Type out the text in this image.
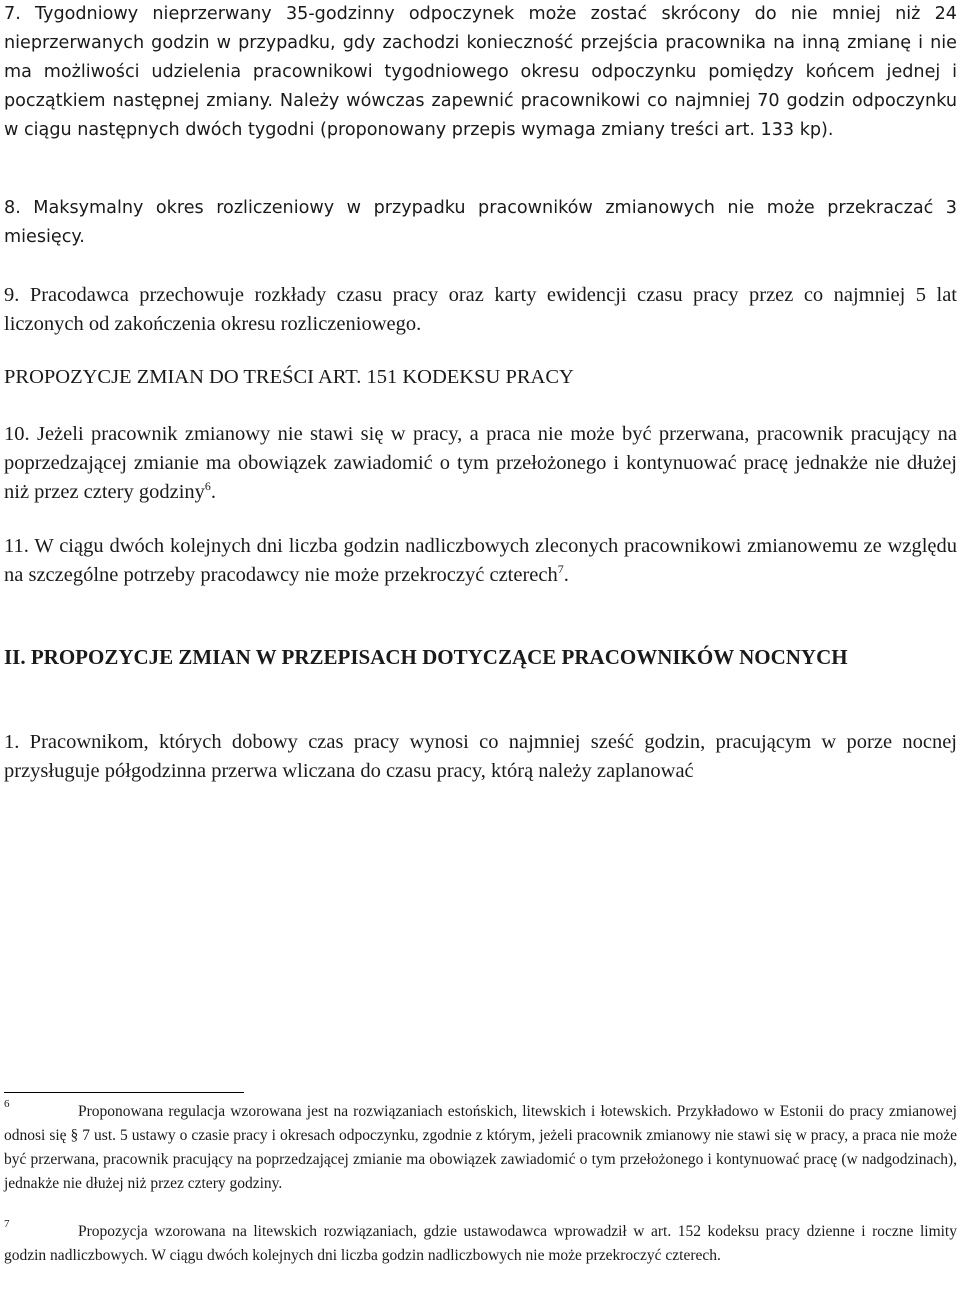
7. Tygodniowy nieprzerwany 35-godzinny odpoczynek może zostać skrócony do nie mniej niż 24 nieprzerwanych godzin w przypadku, gdy zachodzi konieczność przejścia pracownika na inną zmianę i nie ma możliwości udzielenia pracownikowi tygodniowego okresu odpoczynku pomiędzy końcem jednej i początkiem następnej zmiany. Należy wówczas zapewnić pracownikowi co najmniej 70 godzin odpoczynku w ciągu następnych dwóch tygodni (proponowany przepis wymaga zmiany treści art. 133 kp).

8. Maksymalny okres rozliczeniowy w przypadku pracowników zmianowych nie może przekraczać 3 miesięcy.

9. Pracodawca przechowuje rozkłady czasu pracy oraz karty ewidencji czasu pracy przez co najmniej 5 lat liczonych od zakończenia okresu rozliczeniowego.

PROPOZYCJE ZMIAN DO TREŚCI ART. 151 KODEKSU PRACY

10. Jeżeli pracownik zmianowy nie stawi się w pracy, a praca nie może być przerwana, pracownik pracujący na poprzedzającej zmianie ma obowiązek zawiadomić o tym przełożonego i kontynuować pracę jednakże nie dłużej niż przez cztery godziny$^6$.

11. W ciągu dwóch kolejnych dni liczba godzin nadliczbowych zleconych pracownikowi zmianowemu ze względu na szczególne potrzeby pracodawcy nie może przekroczyć czterech$^7$.

II. PROPOZYCJE ZMIAN W PRZEPISACH DOTYCZĄCE PRACOWNIKÓW NOCNYCH

1. Pracownikom, których dobowy czas pracy wynosi co najmniej sześć godzin, pracującym w porze nocnej przysługuje półgodzinna przerwa wliczana do czasu pracy, którą należy zaplanować

6	Proponowana regulacja wzorowana jest na rozwiązaniach estońskich, litewskich i łotewskich. Przykładowo w Estonii do pracy zmianowej odnosi się § 7 ust. 5 ustawy o czasie pracy i okresach odpoczynku, zgodnie z którym, jeżeli pracownik zmianowy nie stawi się w pracy, a praca nie może być przerwana, pracownik pracujący na poprzedzającej zmianie ma obowiązek zawiadomić o tym przełożonego i kontynuować pracę (w nadgodzinach), jednakże nie dłużej niż przez cztery godziny.

7	Propozycja wzorowana na litewskich rozwiązaniach, gdzie ustawodawca wprowadził w art. 152 kodeksu pracy dzienne i roczne limity godzin nadliczbowych. W ciągu dwóch kolejnych dni liczba godzin nadliczbowych nie może przekroczyć czterech.
